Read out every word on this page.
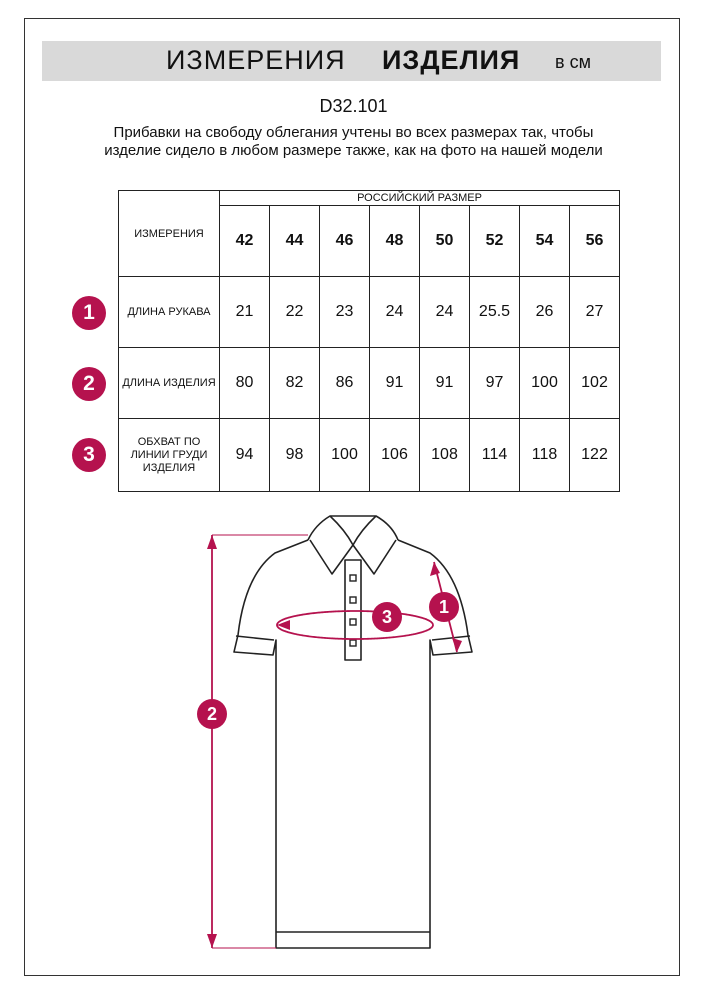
ИЗМЕРЕНИЯ ИЗДЕЛИЯ в см
D32.101
Прибавки на свободу облегания учтены во всех размерах так, чтобы изделие сидело в любом размере также, как на фото на нашей модели
ИЗМЕРЕНИЯ	РОССИЙСКИЙ РАЗМЕР							
	42	44	46	48	50	52	54	56
ДЛИНА РУКАВА	21	22	23	24	24	25.5	26	27
ДЛИНА ИЗДЕЛИЯ	80	82	86	91	91	97	100	102
ОБХВАТ ПО ЛИНИИ ГРУДИ ИЗДЕЛИЯ	94	98	100	106	108	114	118	122
1
2
3
2
3	1
